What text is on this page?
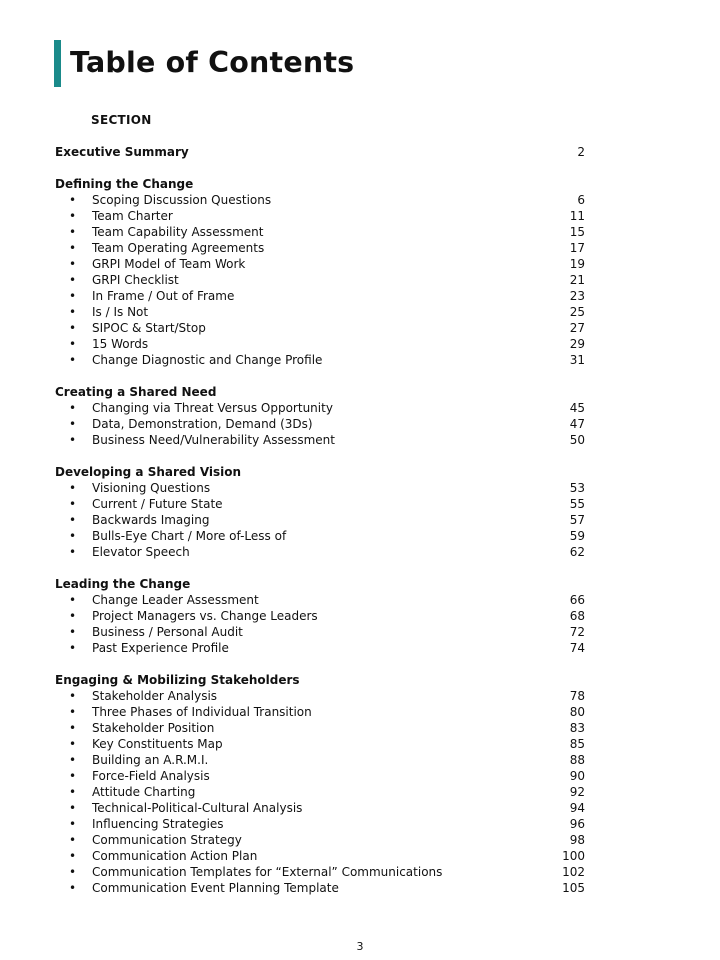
Table of Contents
SECTION
Executive Summary	2
Defining the Change
• Scoping Discussion Questions	6
• Team Charter	11
• Team Capability Assessment	15
• Team Operating Agreements	17
• GRPI Model of Team Work	19
• GRPI Checklist	21
• In Frame / Out of Frame	23
• Is / Is Not	25
• SIPOC & Start/Stop	27
• 15 Words	29
• Change Diagnostic and Change Profile	31
Creating a Shared Need
• Changing via Threat Versus Opportunity	45
• Data, Demonstration, Demand (3Ds)	47
• Business Need/Vulnerability Assessment	50
Developing a Shared Vision
• Visioning Questions	53
• Current / Future State	55
• Backwards Imaging	57
• Bulls-Eye Chart / More of-Less of	59
• Elevator Speech	62
Leading the Change
• Change Leader Assessment	66
• Project Managers vs. Change Leaders	68
• Business / Personal Audit	72
• Past Experience Profile	74
Engaging & Mobilizing Stakeholders
• Stakeholder Analysis	78
• Three Phases of Individual Transition	80
• Stakeholder Position	83
• Key Constituents Map	85
• Building an A.R.M.I.	88
• Force-Field Analysis	90
• Attitude Charting	92
• Technical-Political-Cultural Analysis	94
• Influencing Strategies	96
• Communication Strategy	98
• Communication Action Plan	100
• Communication Templates for “External” Communications	102
• Communication Event Planning Template	105
3
